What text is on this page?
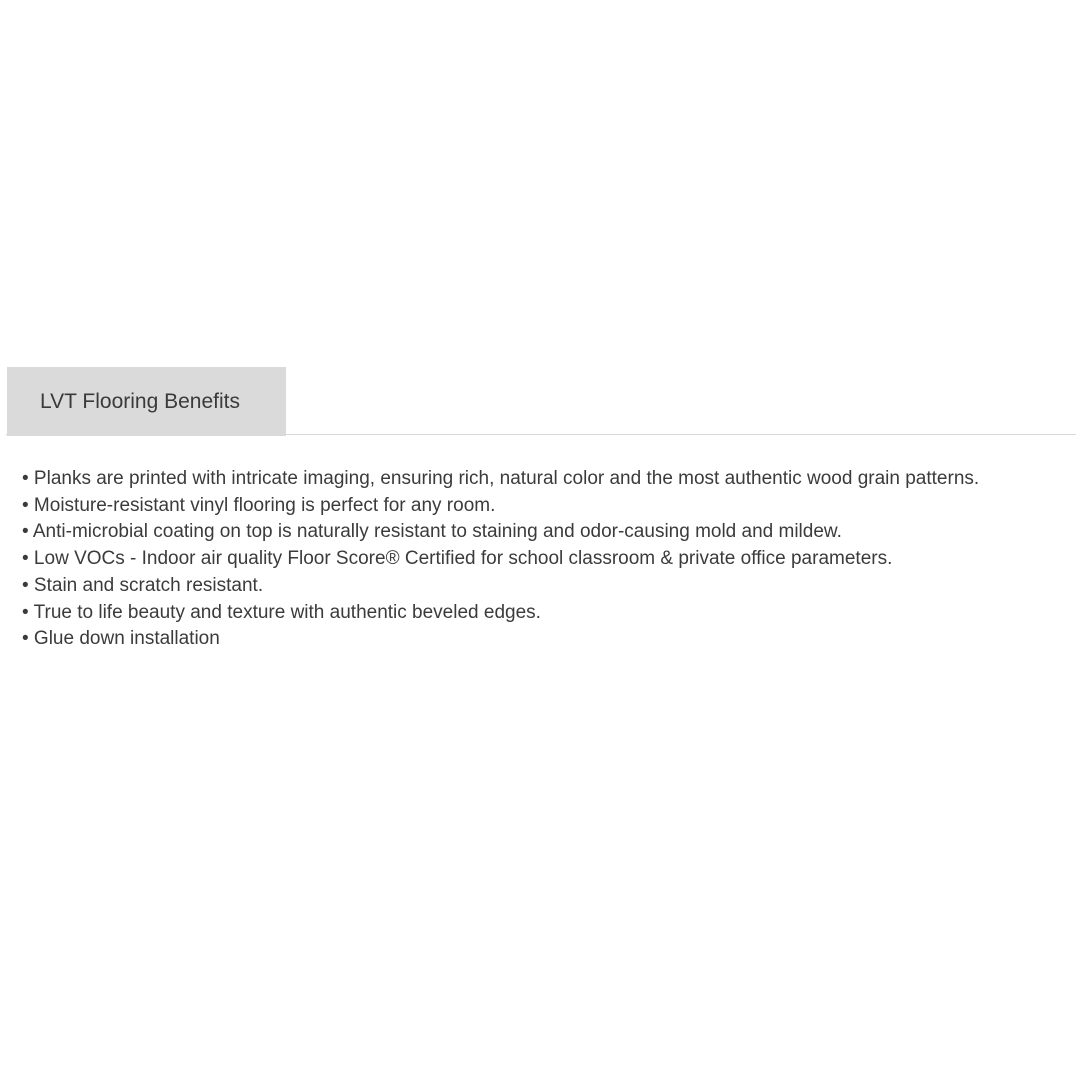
LVT Flooring Benefits
• Planks are printed with intricate imaging, ensuring rich, natural color and the most authentic wood grain patterns.
• Moisture-resistant vinyl flooring is perfect for any room.
• Anti-microbial coating on top is naturally resistant to staining and odor-causing mold and mildew.
• Low VOCs - Indoor air quality Floor Score® Certified for school classroom & private office parameters.
• Stain and scratch resistant.
• True to life beauty and texture with authentic beveled edges.
• Glue down installation
